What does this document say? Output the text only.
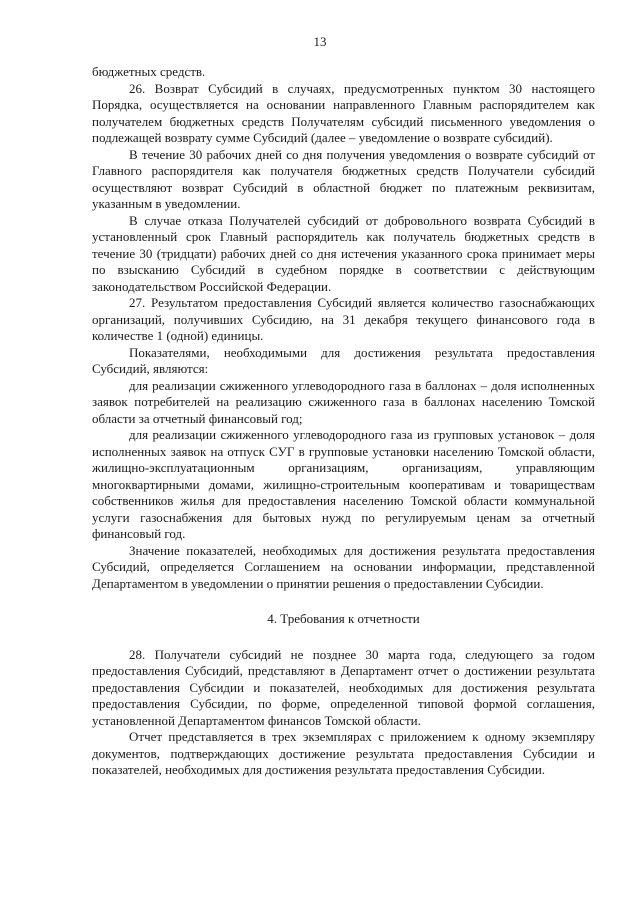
13

бюджетных средств.

26. Возврат Субсидий в случаях, предусмотренных пунктом 30 настоящего Порядка, осуществляется на основании направленного Главным распорядителем как получателем бюджетных средств Получателям субсидий письменного уведомления о подлежащей возврату сумме Субсидий (далее – уведомление о возврате субсидий).

В течение 30 рабочих дней со дня получения уведомления о возврате субсидий от Главного распорядителя как получателя бюджетных средств Получатели субсидий осуществляют возврат Субсидий в областной бюджет по платежным реквизитам, указанным в уведомлении.

В случае отказа Получателей субсидий от добровольного возврата Субсидий в установленный срок Главный распорядитель как получатель бюджетных средств в течение 30 (тридцати) рабочих дней со дня истечения указанного срока принимает меры по взысканию Субсидий в судебном порядке в соответствии с действующим законодательством Российской Федерации.

27. Результатом предоставления Субсидий является количество газоснабжающих организаций, получивших Субсидию, на 31 декабря текущего финансового года в количестве 1 (одной) единицы.

Показателями, необходимыми для достижения результата предоставления Субсидий, являются:

для реализации сжиженного углеводородного газа в баллонах – доля исполненных заявок потребителей на реализацию сжиженного газа в баллонах населению Томской области за отчетный финансовый год;

для реализации сжиженного углеводородного газа из групповых установок – доля исполненных заявок на отпуск СУГ в групповые установки населению Томской области, жилищно-эксплуатационным организациям, организациям, управляющим многоквартирными домами, жилищно-строительным кооперативам и товариществам собственников жилья для предоставления населению Томской области коммунальной услуги газоснабжения для бытовых нужд по регулируемым ценам за отчетный финансовый год.

Значение показателей, необходимых для достижения результата предоставления Субсидий, определяется Соглашением на основании информации, представленной Департаментом в уведомлении о принятии решения о предоставлении Субсидии.

4. Требования к отчетности

28. Получатели субсидий не позднее 30 марта года, следующего за годом предоставления Субсидий, представляют в Департамент отчет о достижении результата предоставления Субсидии и показателей, необходимых для достижения результата предоставления Субсидии, по форме, определенной типовой формой соглашения, установленной Департаментом финансов Томской области.

Отчет представляется в трех экземплярах с приложением к одному экземпляру документов, подтверждающих достижение результата предоставления Субсидии и показателей, необходимых для достижения результата предоставления Субсидии.
